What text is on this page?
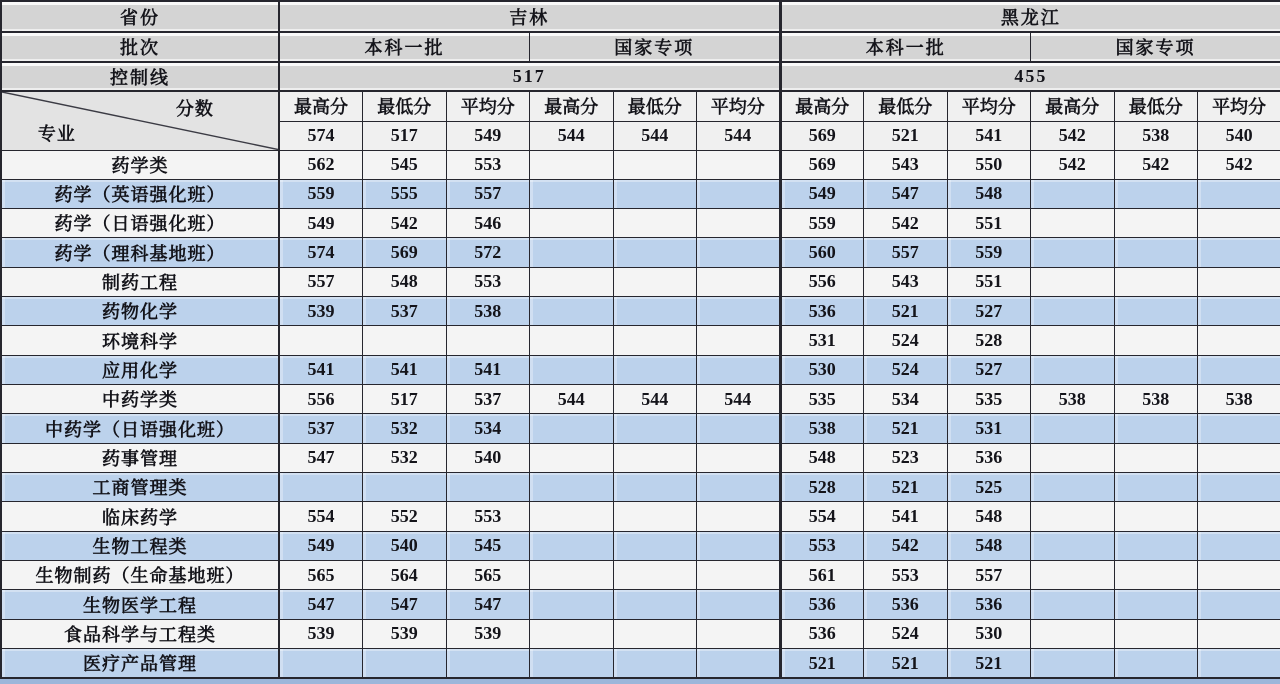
省份	吉林						黑龙江					
批次	本科一批			国家专项			本科一批			国家专项		
控制线	517						455					

分数
专业	最高分	最低分	平均分	最高分	最低分	平均分	最高分	最低分	平均分	最高分	最低分	平均分
	574	517	549	544	544	544	569	521	541	542	538	540
药学类	562	545	553				569	543	550	542	542	542
药学（英语强化班）	559	555	557				549	547	548			
药学（日语强化班）	549	542	546				559	542	551			
药学（理科基地班）	574	569	572				560	557	559			
制药工程	557	548	553				556	543	551			
药物化学	539	537	538				536	521	527			
环境科学							531	524	528			
应用化学	541	541	541				530	524	527			
中药学类	556	517	537	544	544	544	535	534	535	538	538	538
中药学（日语强化班）	537	532	534				538	521	531			
药事管理	547	532	540				548	523	536			
工商管理类							528	521	525			
临床药学	554	552	553				554	541	548			
生物工程类	549	540	545				553	542	548			
生物制药（生命基地班）	565	564	565				561	553	557			
生物医学工程	547	547	547				536	536	536			
食品科学与工程类	539	539	539				536	524	530			
医疗产品管理							521	521	521			
